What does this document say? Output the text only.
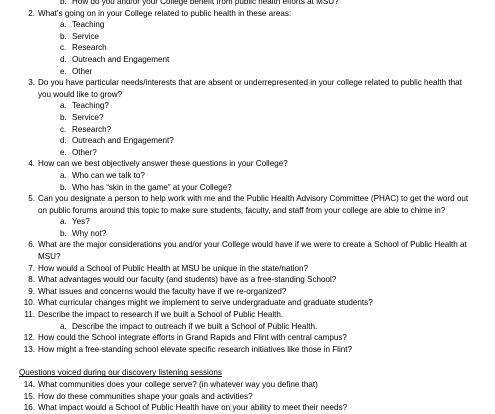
b. How do you and/or your College benefit from public health efforts at MSU?
2. What’s going on in your College related to public health in these areas:
a. Teaching
b. Service
c. Research
d. Outreach and Engagement
e. Other
3. Do you have particular needs/interests that are absent or underrepresented in your college related to public health that you would like to grow?
a. Teaching?
b. Service?
c. Research?
d. Outreach and Engagement?
e. Other?
4. How can we best objectively answer these questions in your College?
a. Who can we talk to?
b. Who has “skin in the game” at your College?
5. Can you designate a person to help work with me and the Public Health Advisory Committee (PHAC) to get the word out on public forums around this topic to make sure students, faculty, and staff from your college are able to chime in?
a. Yes?
b. Why not?
6. What are the major considerations you and/or your College would have if we were to create a School of Public Health at MSU?
7. How would a School of Public Health at MSU be unique in the state/nation?
8. What advantages would our faculty (and students) have as a free-standing School?
9. What issues and concerns would the faculty have if we re-organized?
10. What curricular changes might we implement to serve undergraduate and graduate students?
11. Describe the impact to research if we built a School of Public Health.
a. Describe the impact to outreach if we built a School of Public Health.
12. How could the School integrate efforts in Grand Rapids and Flint with central campus?
13. How might a free-standing school elevate specific research initiatives like those in Flint?
Questions voiced during our discovery listening sessions
14. What communities does your college serve? (in whatever way you define that)
15. How do these communities shape your goals and activities?
16. What impact would a School of Public Health have on your ability to meet their needs?
